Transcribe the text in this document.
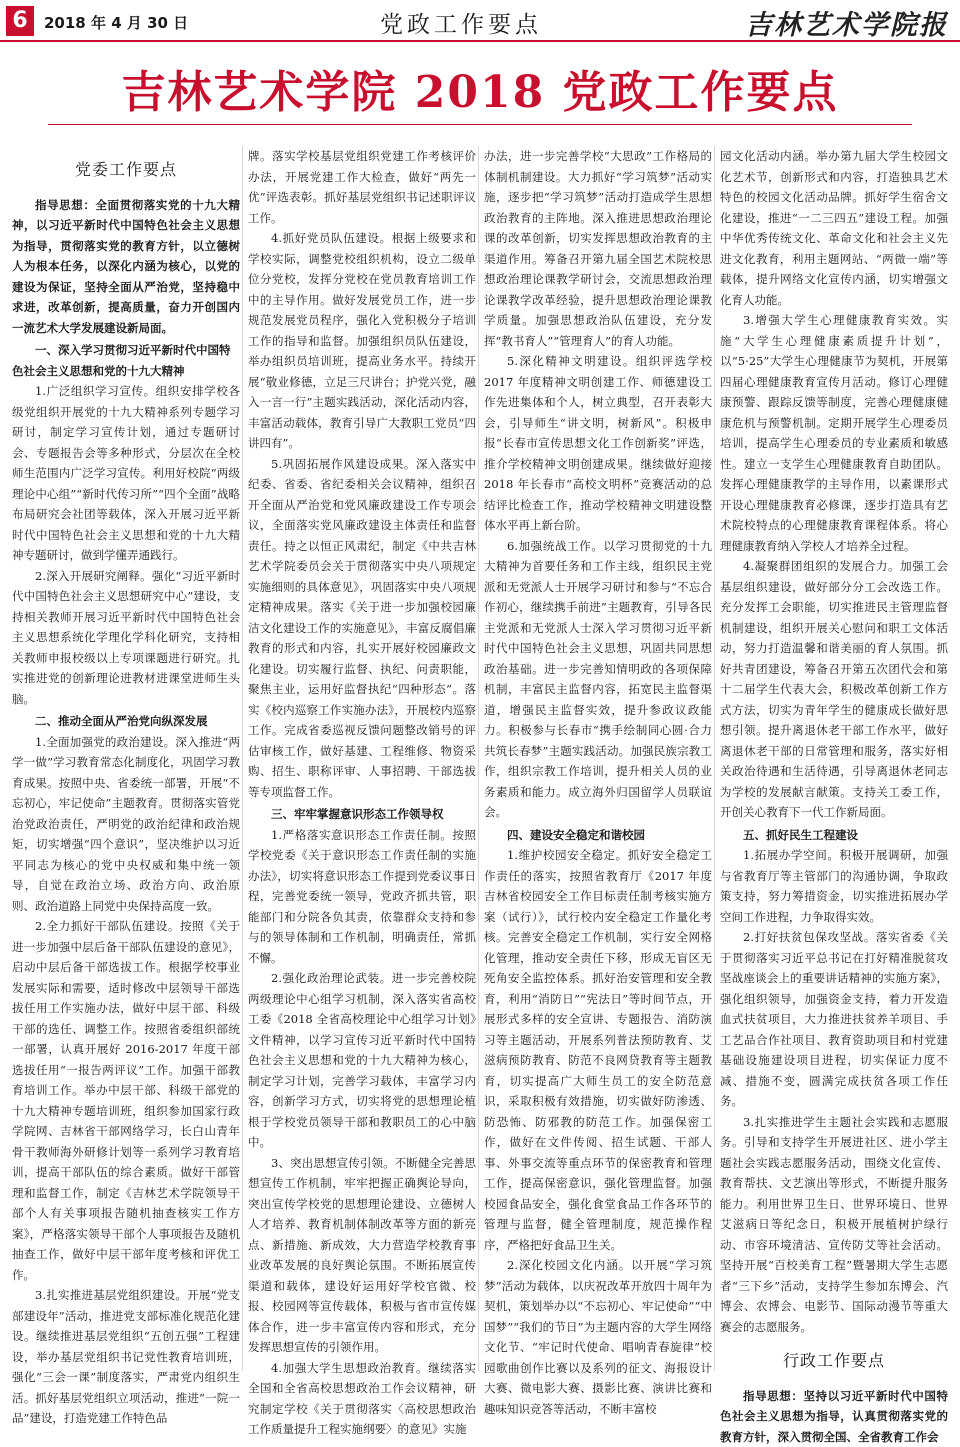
6	2018 年 4 月 30 日	党政工作要点	吉林艺术学院报
吉林艺术学院 2018 党政工作要点

党委工作要点

指导思想：全面贯彻落实党的十九大精神，以习近平新时代中国特色社会主义思想为指导，贯彻落实党的教育方针，以立德树人为根本任务，以深化内涵为核心，以党的建设为保证，坚持全面从严治党，坚持稳中求进，改革创新，提高质量，奋力开创国内一流艺术大学发展建设新局面。

一、深入学习贯彻习近平新时代中国特色社会主义思想和党的十九大精神

1.广泛组织学习宣传。组织安排学校各级党组织开展党的十九大精神系列专题学习研讨，制定学习宣传计划，通过专题研讨会、专题报告会等多种形式，分层次在全校师生范围内广泛学习宣传。利用好校院“两级理论中心组”“新时代传习所”“四个全面”战略布局研究会社团等载体，深入开展习近平新时代中国特色社会主义思想和党的十九大精神专题研讨，做到学懂弄通践行。

2.深入开展研究阐释。强化“习近平新时代中国特色社会主义思想研究中心”建设，支持相关教师开展习近平新时代中国特色社会主义思想系统化学理化学科化研究，支持相关教师申报校级以上专项课题进行研究。扎实推进党的创新理论进教材进课堂进师生头脑。

二、推动全面从严治党向纵深发展

1.全面加强党的政治建设。深入推进“两学一做”学习教育常态化制度化，巩固学习教育成果。按照中央、省委统一部署，开展“不忘初心，牢记使命”主题教育。贯彻落实管党治党政治责任，严明党的政治纪律和政治规矩，切实增强“四个意识”，坚决维护以习近平同志为核心的党中央权威和集中统一领导，自觉在政治立场、政治方向、政治原则、政治道路上同党中央保持高度一致。

2.全力抓好干部队伍建设。按照《关于进一步加强中层后备干部队伍建设的意见》，启动中层后备干部选拔工作。根据学校事业发展实际和需要，适时修改中层领导干部选拔任用工作实施办法，做好中层干部、科级干部的选任、调整工作。按照省委组织部统一部署，认真开展好 2016-2017 年度干部选拔任用“一报告两评议”工作。加强干部教育培训工作。举办中层干部、科级干部党的十九大精神专题培训班，组织参加国家行政学院网、吉林省干部网络学习，长白山青年骨干教师海外研修计划等一系列学习教育培训，提高干部队伍的综合素质。做好干部管理和监督工作，制定《吉林艺术学院领导干部个人有关事项报告随机抽查核实工作方案》，严格落实领导干部个人事项报告及随机抽查工作，做好中层干部年度考核和评优工作。

3.扎实推进基层党组织建设。开展“党支部建设年”活动，推进党支部标准化规范化建设。继续推进基层党组织“五创五强”工程建设，举办基层党组织书记党性教育培训班，强化“三会一课”制度落实，严肃党内组织生活。抓好基层党组织立项活动，推进“一院一品”建设，打造党建工作特色品

牌。落实学校基层党组织党建工作考核评价办法，开展党建工作大检查，做好“两先一优”评选表彰。抓好基层党组织书记述职评议工作。

4.抓好党员队伍建设。根据上级要求和学校实际，调整党校组织机构，设立二级单位分党校，发挥分党校在党员教育培训工作中的主导作用。做好发展党员工作，进一步规范发展党员程序，强化入党积极分子培训工作的指导和监督。加强组织员队伍建设，举办组织员培训班，提高业务水平。持续开展“敬业修德，立足三尺讲台；护党兴党，融入一言一行”主题实践活动，深化活动内容，丰富活动载体，教育引导广大教职工党员“四讲四有”。

5.巩固拓展作风建设成果。深入落实中纪委、省委、省纪委相关会议精神，组织召开全面从严治党和党风廉政建设工作专项会议，全面落实党风廉政建设主体责任和监督责任。持之以恒正风肃纪，制定《中共吉林艺术学院委员会关于贯彻落实中央八项规定实施细则的具体意见》，巩固落实中央八项规定精神成果。落实《关于进一步加强校园廉洁文化建设工作的实施意见》，丰富反腐倡廉教育的形式和内容，扎实开展好校园廉政文化建设。切实履行监督、执纪、问责职能，聚焦主业，运用好监督执纪“四种形态”。落实《校内巡察工作实施办法》，开展校内巡察工作。完成省委巡视反馈问题整改销号的评估审核工作，做好基建、工程维修、物资采购、招生、职称评审、人事招聘、干部选拔等专项监督工作。

三、牢牢掌握意识形态工作领导权

1.严格落实意识形态工作责任制。按照学校党委《关于意识形态工作责任制的实施办法》，切实将意识形态工作提到党委议事日程，完善党委统一领导，党政齐抓共管，职能部门和分院各负其责，依靠群众支持和参与的领导体制和工作机制，明确责任，常抓不懈。

2.强化政治理论武装。进一步完善校院两级理论中心组学习机制，深入落实省高校工委《2018 全省高校理论中心组学习计划》文件精神，以学习宣传习近平新时代中国特色社会主义思想和党的十九大精神为核心，制定学习计划，完善学习载体，丰富学习内容，创新学习方式，切实将党的思想理论植根于学校党员领导干部和教职员工的心中脑中。

3、突出思想宣传引领。不断健全完善思想宣传工作机制，牢牢把握正确舆论导向，突出宣传学校党的思想理论建设、立德树人人才培养、教育机制体制改革等方面的新亮点、新措施、新成效，大力营造学校教育事业改革发展的良好舆论氛围。不断拓展宣传渠道和载体，建设好运用好学校官微、校报、校园网等宣传载体，积极与省市宣传媒体合作，进一步丰富宣传内容和形式，充分发挥思想宣传的引领作用。

4.加强大学生思想政治教育。继续落实全国和全省高校思想政治工作会议精神，研究制定学校《关于贯彻落实〈高校思想政治工作质量提升工程实施纲要〉的意见》实施

办法，进一步完善学校“大思政”工作格局的体制机制建设。大力抓好“学习筑梦”活动实施，逐步把“学习筑梦”活动打造成学生思想政治教育的主阵地。深入推进思想政治理论课的改革创新，切实发挥思想政治教育的主渠道作用。筹备召开第九届全国艺术院校思想政治理论课教学研讨会，交流思想政治理论课教学改革经验，提升思想政治理论课教学质量。加强思想政治队伍建设，充分发挥“教书育人”“管理育人”的育人功能。

5.深化精神文明建设。组织评选学校 2017 年度精神文明创建工作、师德建设工作先进集体和个人，树立典型，召开表彰大会，引导师生“讲文明，树新风”。积极申报“长春市宣传思想文化工作创新奖”评选，推介学校精神文明创建成果。继续做好迎接 2018 年长春市“高校文明杯”竞赛活动的总结评比检查工作，推动学校精神文明建设整体水平再上新台阶。

6.加强统战工作。以学习贯彻党的十九大精神为首要任务和工作主线，组织民主党派和无党派人士开展学习研讨和参与“不忘合作初心，继续携手前进”主题教育，引导各民主党派和无党派人士深入学习贯彻习近平新时代中国特色社会主义思想，巩固共同思想政治基础。进一步完善知情明政的各项保障机制，丰富民主监督内容，拓宽民主监督渠道，增强民主监督实效，提升参政议政能力。积极参与长春市“携手绘制同心圆·合力共筑长春梦”主题实践活动。加强民族宗教工作，组织宗教工作培训，提升相关人员的业务素质和能力。成立海外归国留学人员联谊会。

四、建设安全稳定和谐校园

1.维护校园安全稳定。抓好安全稳定工作责任的落实，按照省教育厅《2017 年度吉林省校园安全工作目标责任制考核实施方案（试行）》，试行校内安全稳定工作量化考核。完善安全稳定工作机制，实行安全网格化管理，推动安全责任下移，形成无盲区无死角安全监控体系。抓好治安管理和安全教育，利用“消防日”“宪法日”等时间节点，开展形式多样的安全宣讲、专题报告、消防演习等主题活动，开展系列普法预防教育、艾滋病预防教育、防范不良网贷教育等主题教育，切实提高广大师生员工的安全防范意识，采取积极有效措施，切实做好防渗透、防恐怖、防邪教的防范工作。加强保密工作，做好在文件传阅、招生试题、干部人事、外事交流等重点环节的保密教育和管理工作，提高保密意识，强化管理监督。加强校园食品安全，强化食堂食品工作各环节的管理与监督，健全管理制度，规范操作程序，严格把好食品卫生关。

2.深化校园文化内涵。以开展“学习筑梦”活动为载体，以庆祝改革开放四十周年为契机，策划举办以“不忘初心、牢记使命”“中国梦”“我们的节日”为主题内容的大学生网络文化节、“牢记时代使命、唱响青春旋律”校园歌曲创作比赛以及系列的征文、海报设计大赛、微电影大赛、摄影比赛、演讲比赛和趣味知识竞答等活动，不断丰富校

园文化活动内涵。举办第九届大学生校园文化艺术节，创新形式和内容，打造独具艺术特色的校园文化活动品牌。抓好学生宿舍文化建设，推进“一二三四五”建设工程。加强中华优秀传统文化、革命文化和社会主义先进文化教育，利用主题网站、“两微一端”等载体，提升网络文化宣传内涵，切实增强文化育人功能。

3.增强大学生心理健康教育实效。实施“大学生心理健康素质提升计划”，以“5·25”大学生心理健康节为契机，开展第四届心理健康教育宣传月活动。修订心理健康预警、跟踪反馈等制度，完善心理健康健康危机与预警机制。定期开展学生心理委员培训，提高学生心理委员的专业素质和敏感性。建立一支学生心理健康教育自助团队。发挥心理健康教学的主导作用，以素课形式开设心理健康教育必修课，逐步打造具有艺术院校特点的心理健康教育课程体系。将心理健康教育纳入学校人才培养全过程。

4.凝聚群团组织的发展合力。加强工会基层组织建设，做好部分分工会改选工作。充分发挥工会职能，切实推进民主管理监督机制建设，组织开展关心慰问和职工文体活动，努力打造温馨和谐美丽的育人氛围。抓好共青团建设，筹备召开第五次团代会和第十二届学生代表大会，积极改革创新工作方式方法，切实为青年学生的健康成长做好思想引领。提升离退休老干部工作水平，做好离退休老干部的日常管理和服务，落实好相关政治待遇和生活待遇，引导离退休老同志为学校的发展献言献策。支持关工委工作，开创关心教育下一代工作新局面。

五、抓好民生工程建设

1.拓展办学空间。积极开展调研，加强与省教育厅等主管部门的沟通协调，争取政策支持，努力筹措资金，切实推进拓展办学空间工作进程，力争取得实效。

2.打好扶贫包保攻坚战。落实省委《关于贯彻落实习近平总书记在打好精准脱贫攻坚战座谈会上的重要讲话精神的实施方案》，强化组织领导，加强资金支持，着力开发造血式扶贫项目，大力推进扶贫养羊项目、手工艺品合作社项目、教育资助项目和村党建基础设施建设项目进程，切实保证力度不减、措施不变，圆满完成扶贫各项工作任务。

3.扎实推进学生主题社会实践和志愿服务。引导和支持学生开展进社区、进小学主题社会实践志愿服务活动，围绕文化宣传、教育帮扶、文艺演出等形式，不断提升服务能力。利用世界卫生日、世界环境日、世界艾滋病日等纪念日，积极开展植树护绿行动、市容环境清洁、宣传防艾等社会活动。坚持开展“百校美育工程”暨暑期大学生志愿者“三下乡”活动，支持学生参加东博会、汽博会、农博会、电影节、国际动漫节等重大赛会的志愿服务。

行政工作要点

指导思想：坚持以习近平新时代中国特色社会主义思想为指导，认真贯彻落实党的教育方针，深入贯彻全国、全省教育工作会
